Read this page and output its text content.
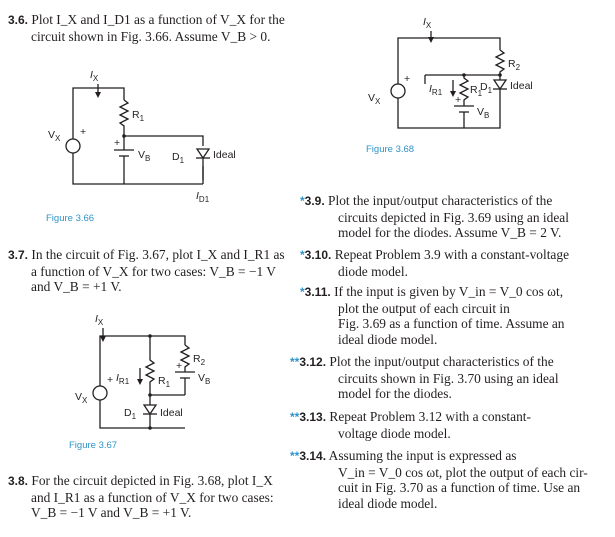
3.6. Plot I_X and I_D1 as a function of V_X for the
circuit shown in Fig. 3.66. Assume V_B > 0.
3.7. In the circuit of Fig. 3.67, plot I_X and I_R1 as
a function of V_X for two cases: V_B = −1 V
and V_B = +1 V.
3.8. For the circuit depicted in Fig. 3.68, plot I_X
and I_R1 as a function of V_X for two cases:
V_B = −1 V and V_B = +1 V.
*3.9. Plot the input/output characteristics of the
circuits depicted in Fig. 3.69 using an ideal
model for the diodes. Assume V_B = 2 V.
*3.10. Repeat Problem 3.9 with a constant-voltage
diode model.
*3.11. If the input is given by V_in = V_0 cos ωt,
plot the output of each circuit in
Fig. 3.69 as a function of time. Assume an
ideal diode model.
**3.12. Plot the input/output characteristics of the
circuits shown in Fig. 3.70 using an ideal
model for the diodes.
**3.13. Repeat Problem 3.12 with a constant-
voltage diode model.
**3.14. Assuming the input is expressed as
V_in = V_0 cos ωt, plot the output of each cir-
cuit in Fig. 3.70 as a function of time. Use an
ideal diode model.
$I_X$
$R_1$
+
$V_B$ $D_1$	Ideal
$I_{D1}$
+
$V_X$
Figure 3.66
$I_X$
$R_2$
+
$V_B$
$R_1$
$I_{R1}$
$D_1$ Ideal
+
$V_X$
Figure 3.67
$I_X$
$R_2$
$R_1$
$I_{R1}$
+
$V_B$
$D_1$ Ideal
+
$V_X$
Figure 3.68
